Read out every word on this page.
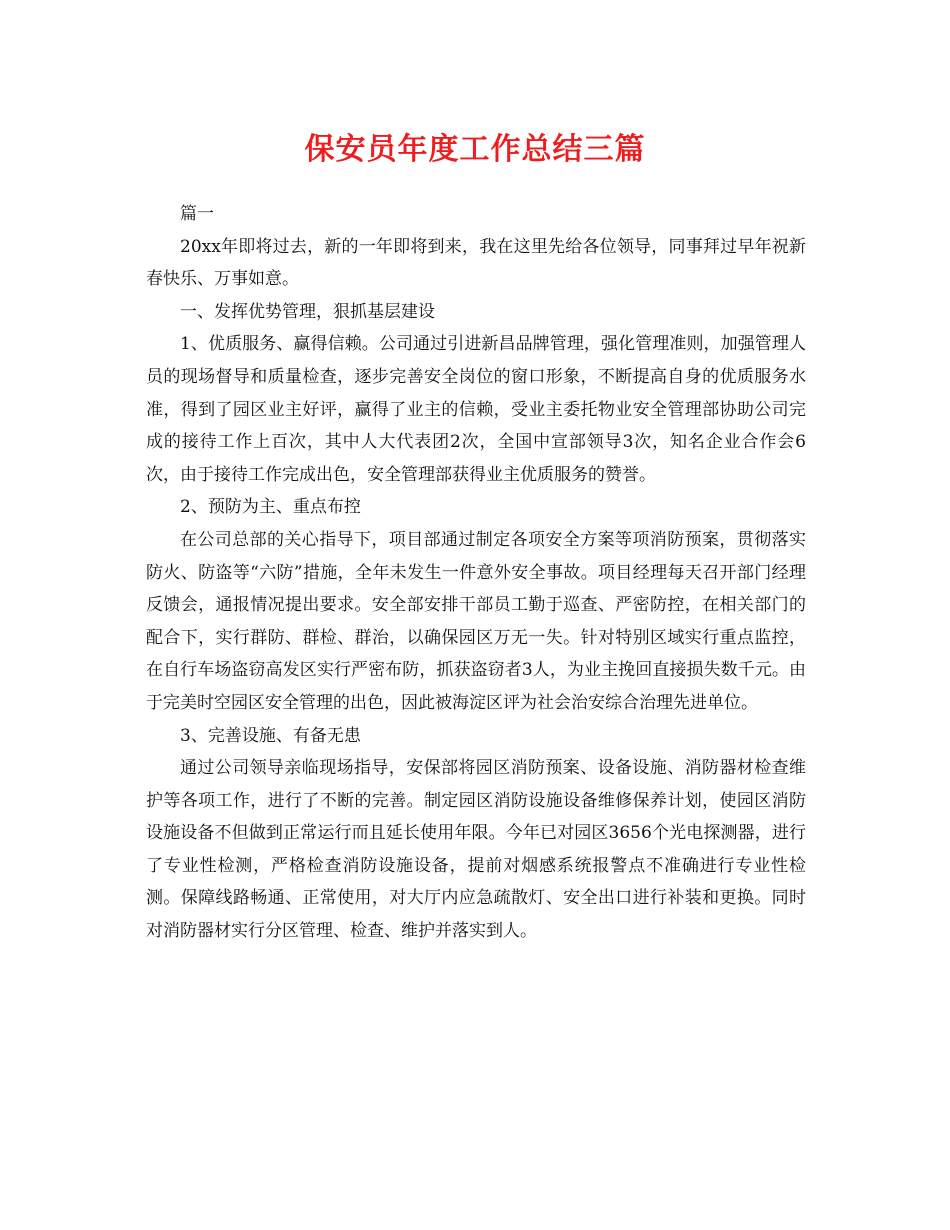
保安员年度工作总结三篇

篇一

20xx年即将过去，新的一年即将到来，我在这里先给各位领导，同事拜过早年祝新春快乐、万事如意。

一、发挥优势管理，狠抓基层建设

1、优质服务、赢得信赖。公司通过引进新昌品牌管理，强化管理准则，加强管理人员的现场督导和质量检查，逐步完善安全岗位的窗口形象，不断提高自身的优质服务水准，得到了园区业主好评，赢得了业主的信赖，受业主委托物业安全管理部协助公司完成的接待工作上百次，其中人大代表团2次，全国中宣部领导3次，知名企业合作会6次，由于接待工作完成出色，安全管理部获得业主优质服务的赞誉。

2、预防为主、重点布控

在公司总部的关心指导下，项目部通过制定各项安全方案等项消防预案，贯彻落实防火、防盗等“六防”措施，全年未发生一件意外安全事故。项目经理每天召开部门经理反馈会，通报情况提出要求。安全部安排干部员工勤于巡查、严密防控，在相关部门的配合下，实行群防、群检、群治，以确保园区万无一失。针对特别区域实行重点监控，在自行车场盗窃高发区实行严密布防，抓获盗窃者3人，为业主挽回直接损失数千元。由于完美时空园区安全管理的出色，因此被海淀区评为社会治安综合治理先进单位。

3、完善设施、有备无患

通过公司领导亲临现场指导，安保部将园区消防预案、设备设施、消防器材检查维护等各项工作，进行了不断的完善。制定园区消防设施设备维修保养计划，使园区消防设施设备不但做到正常运行而且延长使用年限。今年已对园区3656个光电探测器，进行了专业性检测，严格检查消防设施设备，提前对烟感系统报警点不准确进行专业性检测。保障线路畅通、正常使用，对大厅内应急疏散灯、安全出口进行补装和更换。同时对消防器材实行分区管理、检查、维护并落实到人。
